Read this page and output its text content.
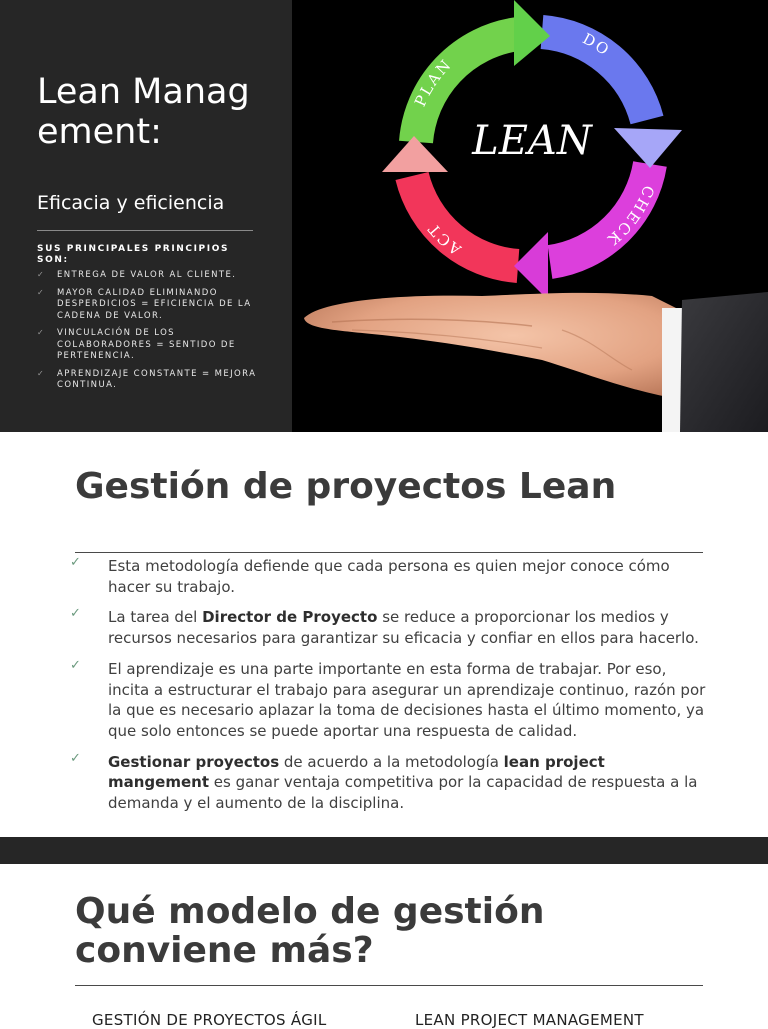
Lean Management:
Eficacia y eficiencia
SUS PRINCIPALES PRINCIPIOS SON:
✓ ENTREGA DE VALOR AL CLIENTE.
✓ MAYOR CALIDAD ELIMINANDO DESPERDICIOS = EFICIENCIA DE LA CADENA DE VALOR.
✓ VINCULACIÓN DE LOS COLABORADORES = SENTIDO DE PERTENENCIA.
✓ APRENDIZAJE CONSTANTE = MEJORA CONTINUA.
PLAN
DO
CHECK
ACT
LEAN
Gestión de proyectos Lean
✓ Esta metodología defiende que cada persona es quien mejor conoce cómo hacer su trabajo.
✓ La tarea del Director de Proyecto se reduce a proporcionar los medios y recursos necesarios para garantizar su eficacia y confiar en ellos para hacerlo.
✓ El aprendizaje es una parte importante en esta forma de trabajar. Por eso, incita a estructurar el trabajo para asegurar un aprendizaje continuo, razón por la que es necesario aplazar la toma de decisiones hasta el último momento, ya que solo entonces se puede aportar una respuesta de calidad.
✓ Gestionar proyectos de acuerdo a la metodología lean project mangement es ganar ventaja competitiva por la capacidad de respuesta a la demanda y el aumento de la disciplina.
Qué modelo de gestión conviene más?
GESTIÓN DE PROYECTOS ÁGIL	LEAN PROJECT MANAGEMENT
